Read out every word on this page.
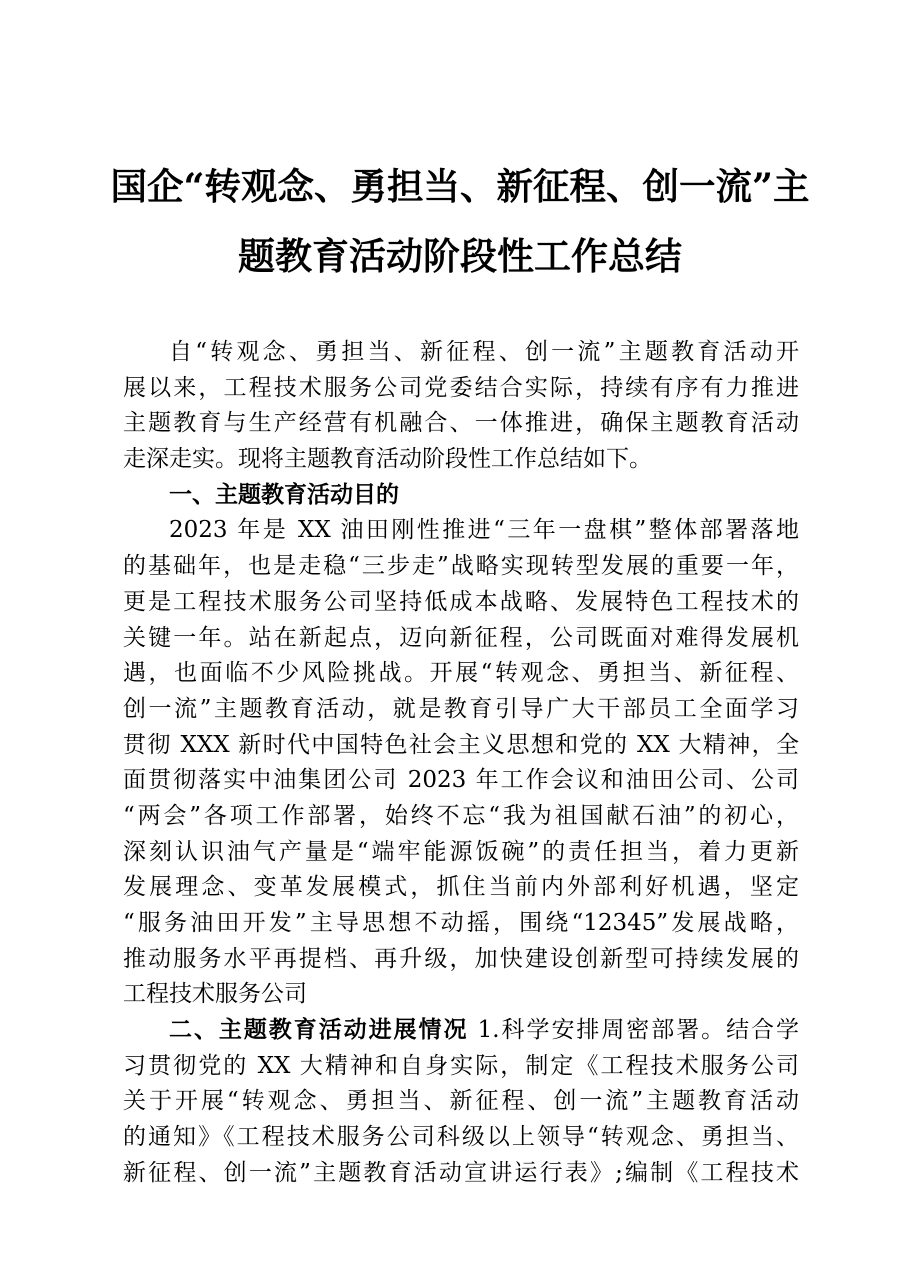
国企“转观念、勇担当、新征程、创一流”主
题教育活动阶段性工作总结
自“转观念、勇担当、新征程、创一流”主题教育活动开
展以来，工程技术服务公司党委结合实际，持续有序有力推进
主题教育与生产经营有机融合、一体推进，确保主题教育活动
走深走实。现将主题教育活动阶段性工作总结如下。
一、主题教育活动目的
2023 年是 XX 油田刚性推进“三年一盘棋”整体部署落地
的基础年，也是走稳“三步走”战略实现转型发展的重要一年，
更是工程技术服务公司坚持低成本战略、发展特色工程技术的
关键一年。站在新起点，迈向新征程，公司既面对难得发展机
遇，也面临不少风险挑战。开展“转观念、勇担当、新征程、
创一流”主题教育活动，就是教育引导广大干部员工全面学习
贯彻 XXX 新时代中国特色社会主义思想和党的 XX 大精神，全
面贯彻落实中油集团公司 2023 年工作会议和油田公司、公司
“两会”各项工作部署，始终不忘“我为祖国献石油”的初心，
深刻认识油气产量是“端牢能源饭碗”的责任担当，着力更新
发展理念、变革发展模式，抓住当前内外部利好机遇，坚定
“服务油田开发”主导思想不动摇，围绕“12345”发展战略，
推动服务水平再提档、再升级，加快建设创新型可持续发展的
工程技术服务公司
二、主题教育活动进展情况 1.科学安排周密部署。结合学
习贯彻党的 XX 大精神和自身实际，制定《工程技术服务公司
关于开展“转观念、勇担当、新征程、创一流”主题教育活动
的通知》《工程技术服务公司科级以上领导“转观念、勇担当、
新征程、创一流”主题教育活动宣讲运行表》;编制《工程技术
